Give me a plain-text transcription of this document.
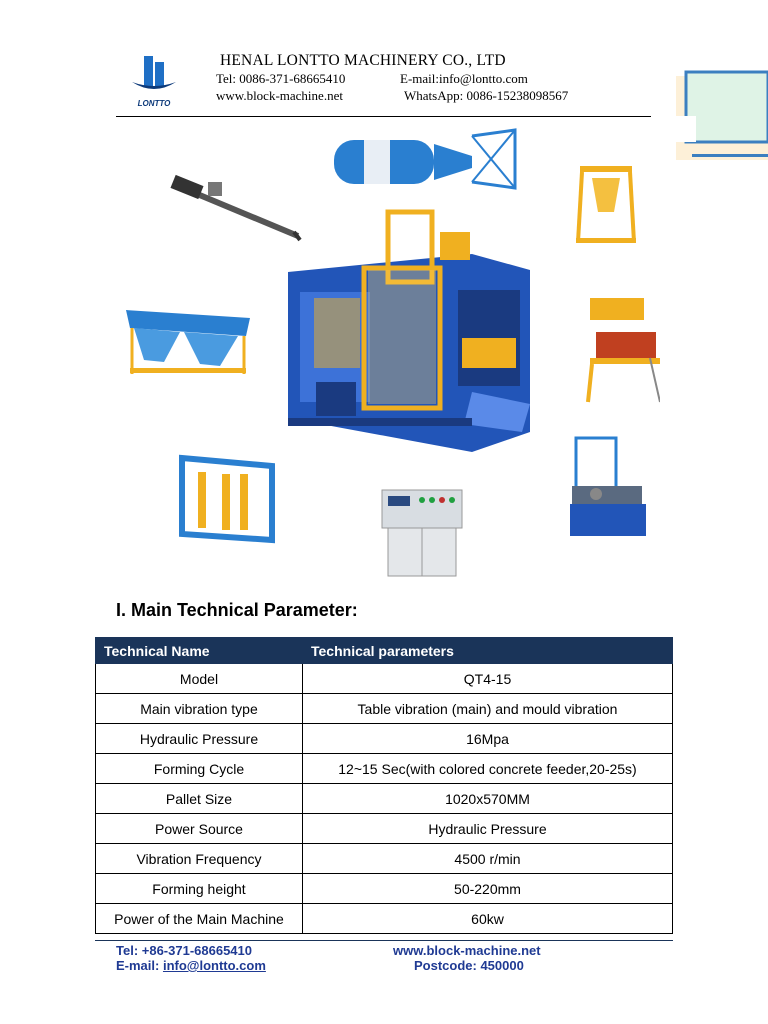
LONTTO
HENAL LONTTO MACHINERY CO., LTD
Tel: 0086-371-68665410	E-mail:info@lontto.com
www.block-machine.net	WhatsApp: 0086-15238098567
I. Main Technical Parameter:
Technical Name	Technical parameters
Model	QT4-15
Main vibration type	Table vibration (main) and mould vibration
Hydraulic Pressure	16Mpa
Forming Cycle	12~15 Sec(with colored concrete feeder,20-25s)
Pallet Size	1020x570MM
Power Source	Hydraulic Pressure
Vibration Frequency	4500 r/min
Forming height	50-220mm
Power of the Main Machine	60kw
Tel: +86-371-68665410
E-mail: info@lontto.com
www.block-machine.net
Postcode: 450000
